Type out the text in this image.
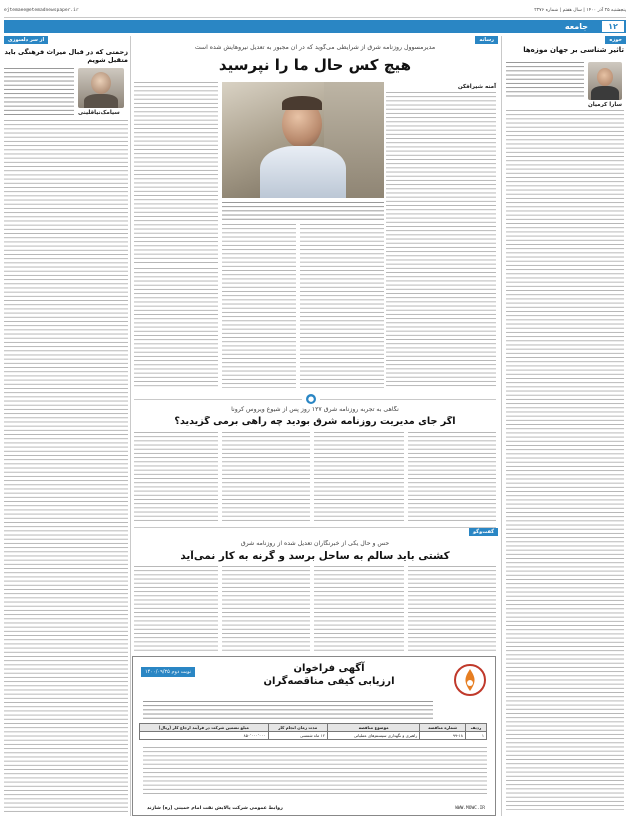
پنجشنبه ۲۵ آذر ۱۴۰۰ | سال هفتم | شماره ۲۲۷۶
ejtemaee@etemadnewspaper.ir
۱۲
جامعه
حوزه
تاثیر شناسی بر جهان موزه‌ها
سارا کرمیان
از سر دلسوزی
زحمتی که در قبال میراث فرهنگی باید متقبل شویم
سیامک‌نیا‌قلینی
رسانه
مدیرمسوول روزنامه شرق از شرایطی می‌گوید که در آن مجبور به تعدیل نیروهایش شده است
هیچ کس حال ما را نپرسید
آمنه شیرافکن
●
نگاهی به تجربه روزنامه شرق ۱۲۷ روز پس از شیوع ویروس کرونا
اگر جای مدیریت روزنامه شرق بودید چه راهی برمی گزیدید؟
گفت‌وگو
حس و حال یکی از خبرنگاران تعدیل شده از روزنامه شرق
کشتی باید سالم به ساحل برسد و گرنه به کار نمی‌آید
نوبت دوم ۱۴۰۰/۰۹/۲۵	آگهی فراخوان
ارزیابی کیفی مناقصه‌گران
ردیف	شماره مناقصه	موضوع مناقصه	مدت زمان انجام کار	مبلغ تضمین شرکت در فرآیند ارجاع کار (ریال)
۱	۹۹-۱۸	راهبری و نگهداری سیستم‌های عملیاتی	۱۲ ماه شمسی	۸۵۰٬۰۰۰٬۰۰۰
WWW.MOWC.IR
روابط عمومی شرکت پالایش نفت امام خمینی (ره) شازند
